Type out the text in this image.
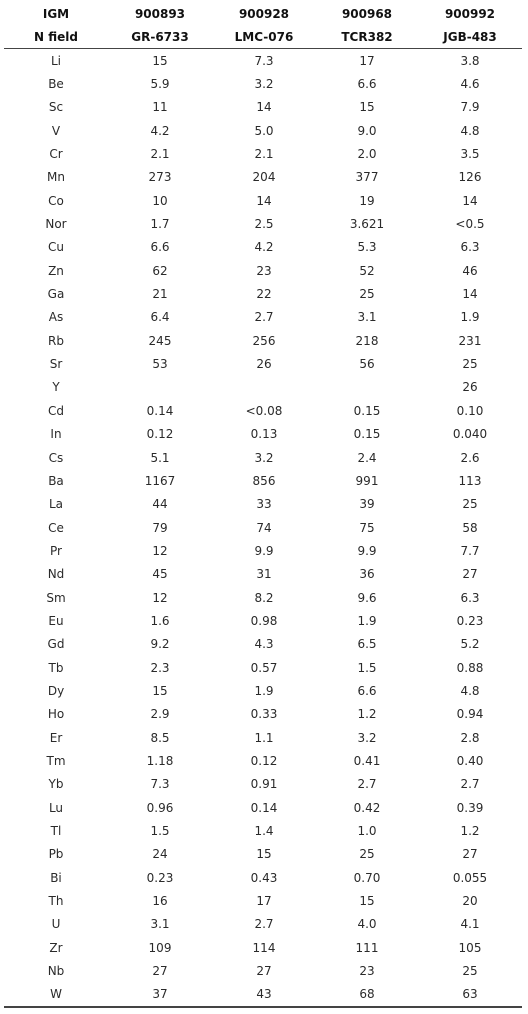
IGM	900893	900928	900968	900992
N field	GR-6733	LMC-076	TCR382	JGB-483
Li	15	7.3	17	3.8
Be	5.9	3.2	6.6	4.6
Sc	11	14	15	7.9
V	4.2	5.0	9.0	4.8
Cr	2.1	2.1	2.0	3.5
Mn	273	204	377	126
Co	10	14	19	14
Nor	1.7	2.5	3.621	<0.5
Cu	6.6	4.2	5.3	6.3
Zn	62	23	52	46
Ga	21	22	25	14
As	6.4	2.7	3.1	1.9
Rb	245	256	218	231
Sr	53	26	56	25
Y				26
Cd	0.14	<0.08	0.15	0.10
In	0.12	0.13	0.15	0.040
Cs	5.1	3.2	2.4	2.6
Ba	1167	856	991	113
La	44	33	39	25
Ce	79	74	75	58
Pr	12	9.9	9.9	7.7
Nd	45	31	36	27
Sm	12	8.2	9.6	6.3
Eu	1.6	0.98	1.9	0.23
Gd	9.2	4.3	6.5	5.2
Tb	2.3	0.57	1.5	0.88
Dy	15	1.9	6.6	4.8
Ho	2.9	0.33	1.2	0.94
Er	8.5	1.1	3.2	2.8
Tm	1.18	0.12	0.41	0.40
Yb	7.3	0.91	2.7	2.7
Lu	0.96	0.14	0.42	0.39
Tl	1.5	1.4	1.0	1.2
Pb	24	15	25	27
Bi	0.23	0.43	0.70	0.055
Th	16	17	15	20
U	3.1	2.7	4.0	4.1
Zr	109	114	111	105
Nb	27	27	23	25
W	37	43	68	63
